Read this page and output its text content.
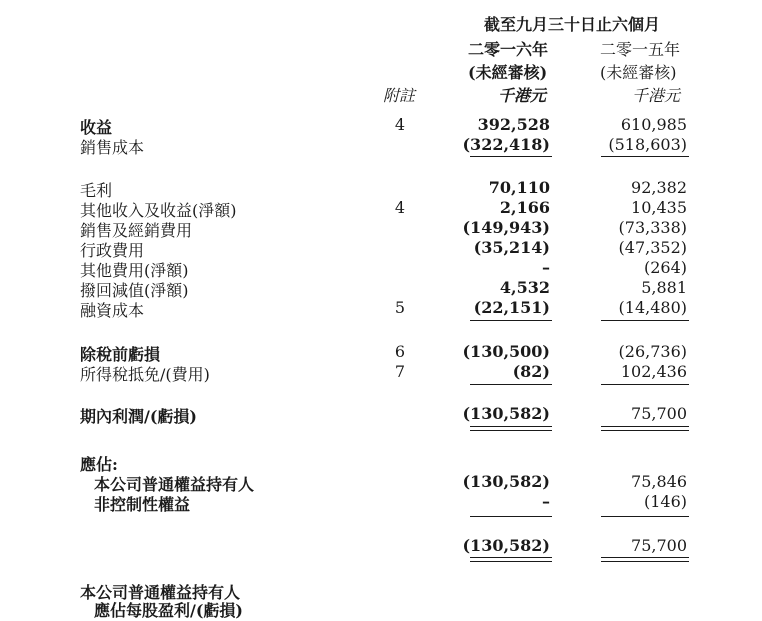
截至九月三十日止六個月
二零一六年	二零一五年
(未經審核)	(未經審核)
附註	千港元	千港元
收益	4	392,528	610,985
銷售成本	(322,418)	(518,603)
毛利	70,110	92,382
其他收入及收益(淨額)	4	2,166	10,435
銷售及經銷費用	(149,943)	(73,338)
行政費用	(35,214)	(47,352)
其他費用(淨額)	–	(264)
撥回減值(淨額)	4,532	5,881
融資成本	5	(22,151)	(14,480)
除稅前虧損	6	(130,500)	(26,736)
所得稅抵免/(費用)	7	(82)	102,436
期內利潤/(虧損)	(130,582)	75,700
應佔:
本公司普通權益持有人	(130,582)	75,846
非控制性權益	–	(146)
(130,582)	75,700
本公司普通權益持有人
應佔每股盈利/(虧損)
